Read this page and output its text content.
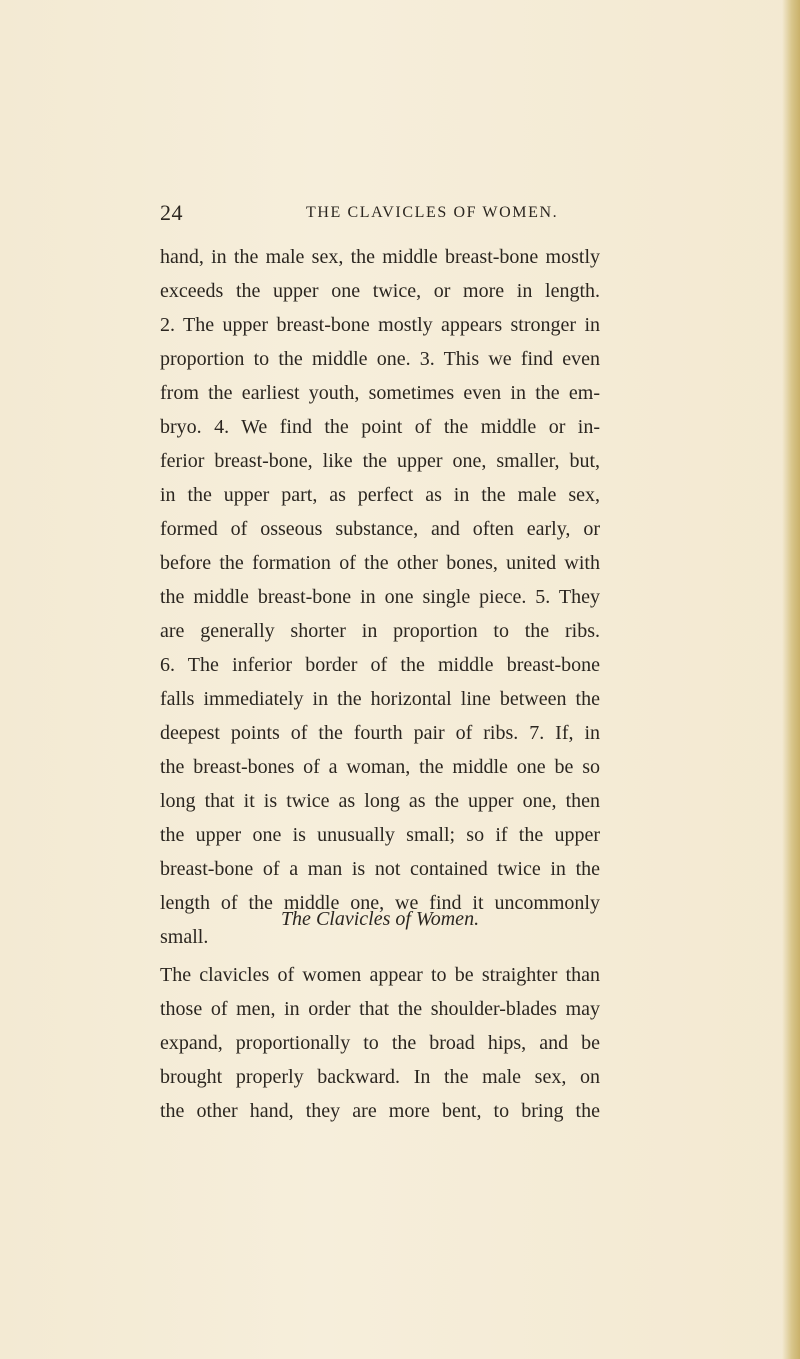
24	THE CLAVICLES OF WOMEN.
hand, in the male sex, the middle breast-bone mostly
exceeds the upper one twice, or more in length.
2. The upper breast-bone mostly appears stronger in
proportion to the middle one. 3. This we find even
from the earliest youth, sometimes even in the em-
bryo. 4. We find the point of the middle or in-
ferior breast-bone, like the upper one, smaller, but,
in the upper part, as perfect as in the male sex,
formed of osseous substance, and often early, or
before the formation of the other bones, united with
the middle breast-bone in one single piece. 5. They
are generally shorter in proportion to the ribs.
6. The inferior border of the middle breast-bone
falls immediately in the horizontal line between the
deepest points of the fourth pair of ribs. 7. If, in
the breast-bones of a woman, the middle one be so
long that it is twice as long as the upper one, then
the upper one is unusually small; so if the upper
breast-bone of a man is not contained twice in the
length of the middle one, we find it uncommonly
small.
The Clavicles of Women.
The clavicles of women appear to be straighter than
those of men, in order that the shoulder-blades may
expand, proportionally to the broad hips, and be
brought properly backward. In the male sex, on
the other hand, they are more bent, to bring the
